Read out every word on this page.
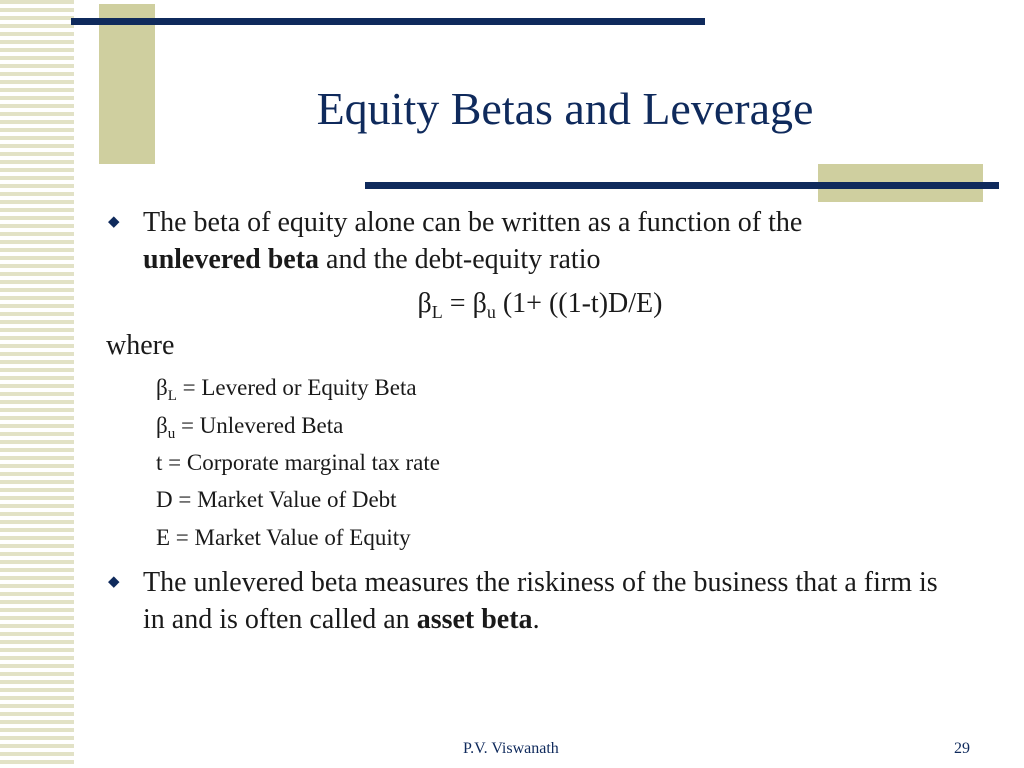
Equity Betas and Leverage
◆ The beta of equity alone can be written as a function of the
unlevered beta and the debt-equity ratio
$\beta_L = \beta_u$ (1+ ((1-t)D/E)
where
$\beta_L$ = Levered or Equity Beta
$\beta_u$ = Unlevered Beta
t = Corporate marginal tax rate
D = Market Value of Debt
E = Market Value of Equity
◆ The unlevered beta measures the riskiness of the business that a firm is in and is often called an asset beta.
P.V. Viswanath	29
